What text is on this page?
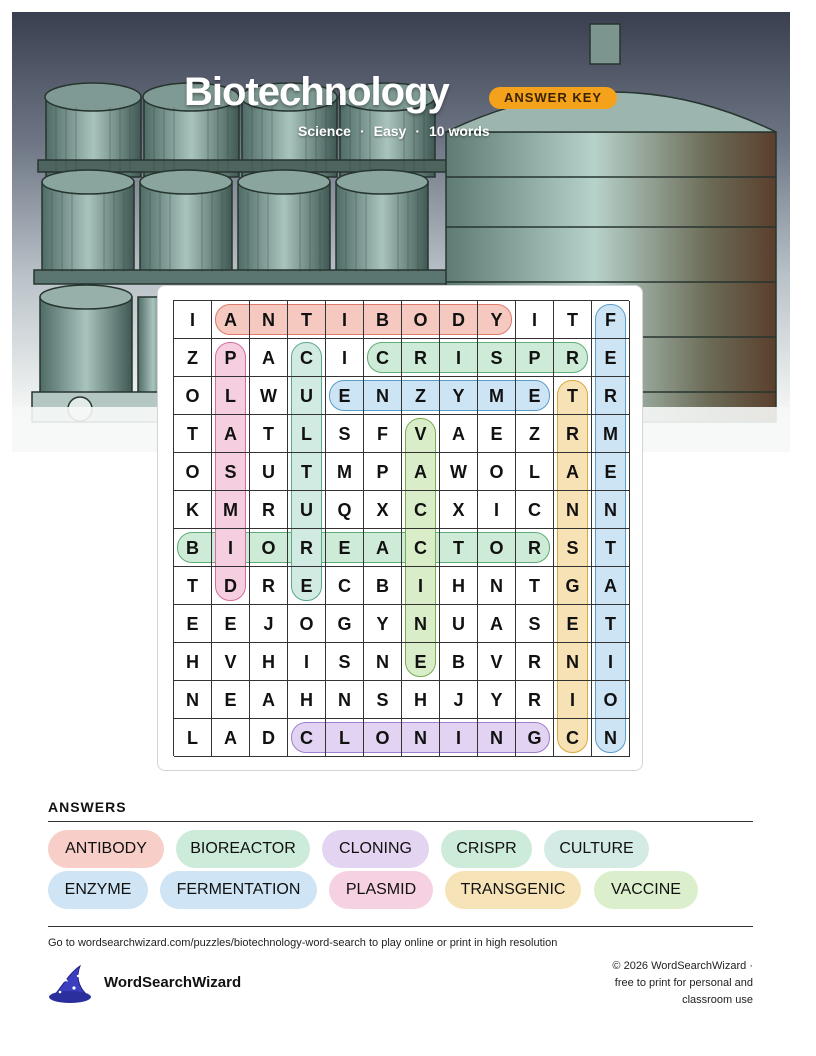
Biotechnology	ANSWER KEY
Science · Easy · 10 words
I	A	N	T	I	B	O	D	Y	I	T	F
Z	P	A	C	I	C	R	I	S	P	R	E
O	L	W	U	E	N	Z	Y	M	E	T	R
T	A	T	L	S	F	V	A	E	Z	R	M
O	S	U	T	M	P	A	W	O	L	A	E
K	M	R	U	Q	X	C	X	I	C	N	N
B	I	O	R	E	A	C	T	O	R	S	T
T	D	R	E	C	B	I	H	N	T	G	A
E	E	J	O	G	Y	N	U	A	S	E	T
H	V	H	I	S	N	E	B	V	R	N	I
N	E	A	H	N	S	H	J	Y	R	I	O
L	A	D	C	L	O	N	I	N	G	C	N
ANSWERS
ANTIBODY	BIOREACTOR	CLONING	CRISPR	CULTURE
ENZYME	FERMENTATION	PLASMID	TRANSGENIC	VACCINE
Go to wordsearchwizard.com/puzzles/biotechnology-word-search to play online or print in high resolution
WordSearchWizard
© 2026 WordSearchWizard ·
free to print for personal and
classroom use
